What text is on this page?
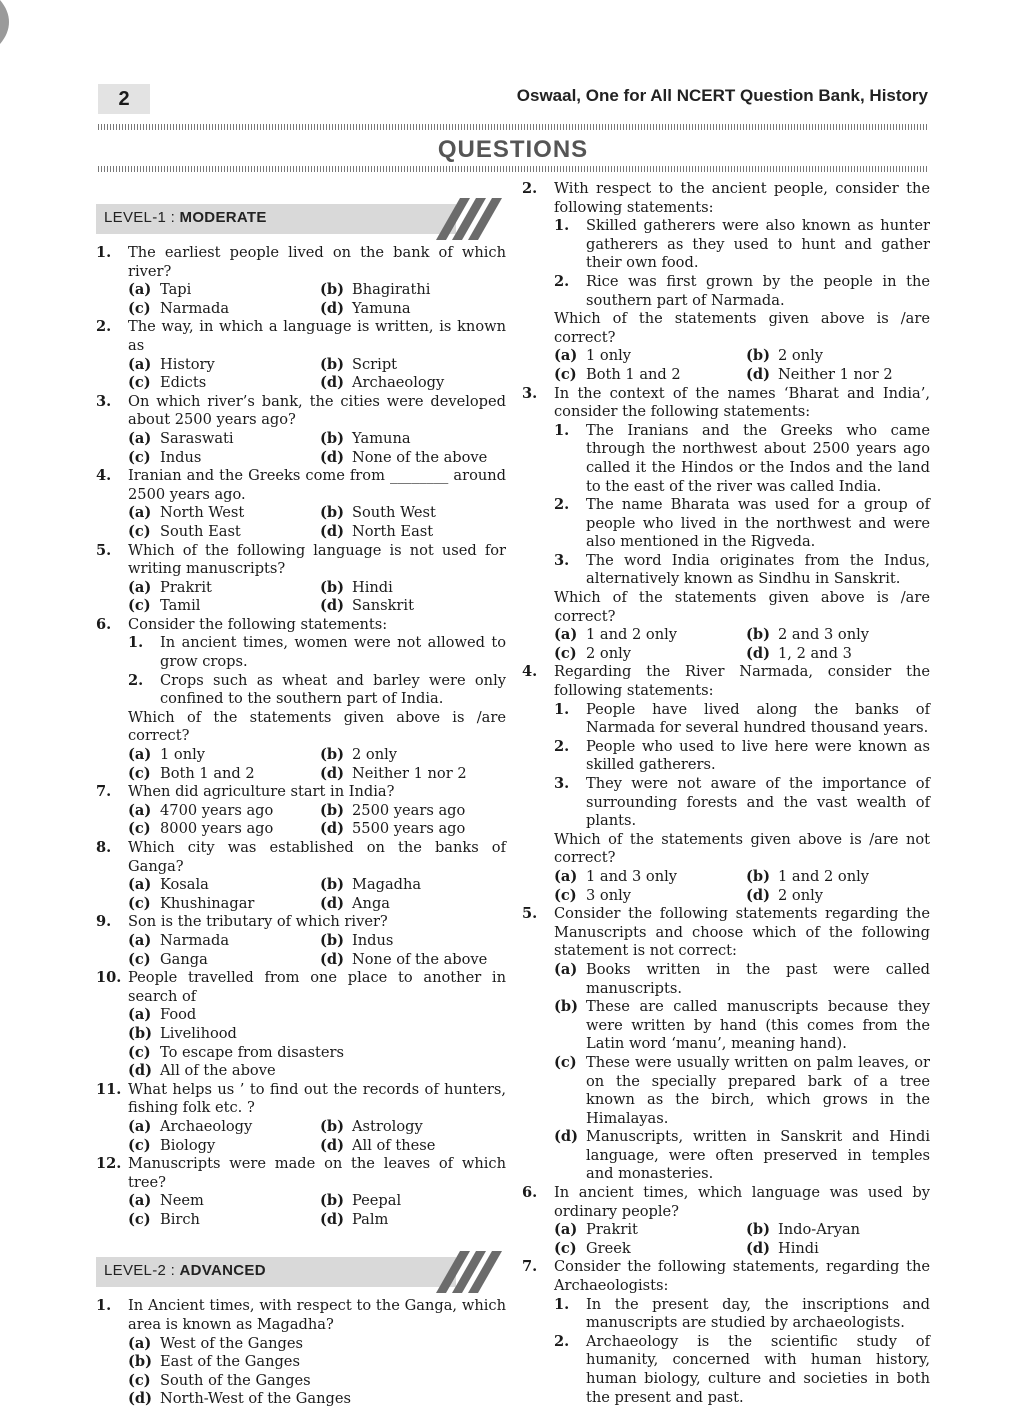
2	Oswaal, One for All NCERT Question Bank, History
QUESTIONS
LEVEL-1 : MODERATE
1.	The earliest people lived on the bank of which river?
(a) Tapi	(b) Bhagirathi
(c) Narmada	(d) Yamuna
2.	The way, in which a language is written, is known as
(a) History	(b) Script
(c) Edicts	(d) Archaeology
3.	On which river’s bank, the cities were developed about 2500 years ago?
(a) Saraswati	(b) Yamuna
(c) Indus	(d) None of the above
4.	Iranian and the Greeks come from ________ around 2500 years ago.
(a) North West	(b) South West
(c) South East	(d) North East
5.	Which of the following language is not used for writing manuscripts?
(a) Prakrit	(b) Hindi
(c) Tamil	(d) Sanskrit
6.	Consider the following statements:
1.	In ancient times, women were not allowed to grow crops.
2.	Crops such as wheat and barley were only confined to the southern part of India.
Which of the statements given above is /are correct?
(a) 1 only	(b) 2 only
(c) Both 1 and 2	(d) Neither 1 nor 2
7.	When did agriculture start in India?
(a) 4700 years ago	(b) 2500 years ago
(c) 8000 years ago	(d) 5500 years ago
8.	Which city was established on the banks of Ganga?
(a) Kosala	(b) Magadha
(c) Khushinagar	(d) Anga
9.	Son is the tributary of which river?
(a) Narmada	(b) Indus
(c) Ganga	(d) None of the above
10. People travelled from one place to another in search of
(a) Food
(b) Livelihood
(c) To escape from disasters
(d) All of the above
11. What helps us ’ to find out the records of hunters, fishing folk etc. ?
(a) Archaeology	(b) Astrology
(c) Biology	(d) All of these
12. Manuscripts were made on the leaves of which tree?
(a) Neem	(b) Peepal
(c) Birch	(d) Palm
LEVEL-2 : ADVANCED
1.	In Ancient times, with respect to the Ganga, which area is known as Magadha?
(a) West of the Ganges
(b) East of the Ganges
(c) South of the Ganges
(d) North-West of the Ganges
2.	With respect to the ancient people, consider the following statements:
1.	Skilled gatherers were also known as hunter gatherers as they used to hunt and gather their own food.
2.	Rice was first grown by the people in the southern part of Narmada.
Which of the statements given above is /are correct?
(a) 1 only	(b) 2 only
(c) Both 1 and 2	(d) Neither 1 nor 2
3.	In the context of the names ‘Bharat and India’, consider the following statements:
1.	The Iranians and the Greeks who came through the northwest about 2500 years ago called it the Hindos or the Indos and the land to the east of the river was called India.
2.	The name Bharata was used for a group of people who lived in the northwest and were also mentioned in the Rigveda.
3.	The word India originates from the Indus, alternatively known as Sindhu in Sanskrit.
Which of the statements given above is /are correct?
(a) 1 and 2 only	(b) 2 and 3 only
(c) 2 only	(d) 1, 2 and 3
4.	Regarding the River Narmada, consider the following statements:
1.	People have lived along the banks of Narmada for several hundred thousand years.
2.	People who used to live here were known as skilled gatherers.
3.	They were not aware of the importance of surrounding forests and the vast wealth of plants.
Which of the statements given above is /are not correct?
(a) 1 and 3 only	(b) 1 and 2 only
(c) 3 only	(d) 2 only
5.	Consider the following statements regarding the Manuscripts and choose which of the following statement is not correct:
(a) Books written in the past were called manuscripts.
(b) These are called manuscripts because they were written by hand (this comes from the Latin word ‘manu’, meaning hand).
(c) These were usually written on palm leaves, or on the specially prepared bark of a tree known as the birch, which grows in the Himalayas.
(d) Manuscripts, written in Sanskrit and Hindi language, were often preserved in temples and monasteries.
6.	In ancient times, which language was used by ordinary people?
(a) Prakrit	(b) Indo-Aryan
(c) Greek	(d) Hindi
7.	Consider the following statements, regarding the Archaeologists:
1.	In the present day, the inscriptions and manuscripts are studied by archaeologists.
2.	Archaeology is the scientific study of humanity, concerned with human history, human biology, culture and societies in both the present and past.
